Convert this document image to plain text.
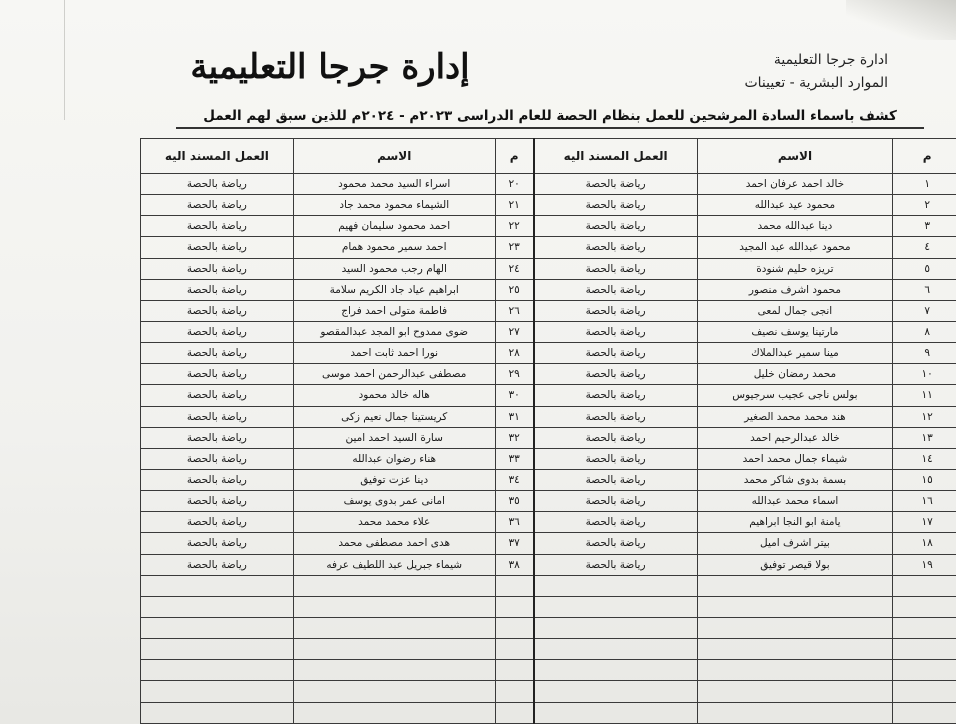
إدارة جرجا التعليمية	ادارة جرجا التعليمية
الموارد البشرية - تعيينات
كشف باسماء السادة المرشحين للعمل بنظام الحصة للعام الدراسى ٢٠٢٣م - ٢٠٢٤م للذين سبق لهم العمل
م	الاسم	العمل المسند اليه	م	الاسم	العمل المسند اليه
١	خالد احمد عرفان احمد	رياضة بالحصة	٢٠	اسراء السيد محمد محمود	رياضة بالحصة
٢	محمود عيد عبدالله	رياضة بالحصة	٢١	الشيماء محمود محمد جاد	رياضة بالحصة
٣	دينا عبدالله محمد	رياضة بالحصة	٢٢	احمد محمود سليمان فهيم	رياضة بالحصة
٤	محمود عبدالله عبد المجيد	رياضة بالحصة	٢٣	احمد سمير محمود همام	رياضة بالحصة
٥	تريزه حليم شنودة	رياضة بالحصة	٢٤	الهام رجب محمود السيد	رياضة بالحصة
٦	محمود اشرف منصور	رياضة بالحصة	٢٥	ابراهيم عياد جاد الكريم سلامة	رياضة بالحصة
٧	انجى جمال لمعى	رياضة بالحصة	٢٦	فاطمة متولى احمد فراج	رياضة بالحصة
٨	مارتينا يوسف نصيف	رياضة بالحصة	٢٧	ضوى ممدوح ابو المجد عبدالمقصو	رياضة بالحصة
٩	مينا سمير عبدالملاك	رياضة بالحصة	٢٨	نورا احمد ثابت احمد	رياضة بالحصة
١٠	محمد رمضان خليل	رياضة بالحصة	٢٩	مصطفى عبدالرحمن احمد موسى	رياضة بالحصة
١١	بولس ناجى عجيب سرجيوس	رياضة بالحصة	٣٠	هاله خالد محمود	رياضة بالحصة
١٢	هند محمد محمد الصغير	رياضة بالحصة	٣١	كريستينا جمال نعيم زكى	رياضة بالحصة
١٣	خالد عبدالرحيم احمد	رياضة بالحصة	٣٢	سارة السيد احمد امين	رياضة بالحصة
١٤	شيماء جمال محمد احمد	رياضة بالحصة	٣٣	هناء رضوان عبدالله	رياضة بالحصة
١٥	بسمة بدوى شاكر محمد	رياضة بالحصة	٣٤	دينا عزت توفيق	رياضة بالحصة
١٦	اسماء محمد عبدالله	رياضة بالحصة	٣٥	امانى عمر بدوى يوسف	رياضة بالحصة
١٧	يامنة ابو النجا ابراهيم	رياضة بالحصة	٣٦	علاء محمد محمد	رياضة بالحصة
١٨	بيتر اشرف اميل	رياضة بالحصة	٣٧	هدى احمد مصطفى محمد	رياضة بالحصة
١٩	بولا قيصر توفيق	رياضة بالحصة	٣٨	شيماء جبريل عبد اللطيف عرفه	رياضة بالحصة
